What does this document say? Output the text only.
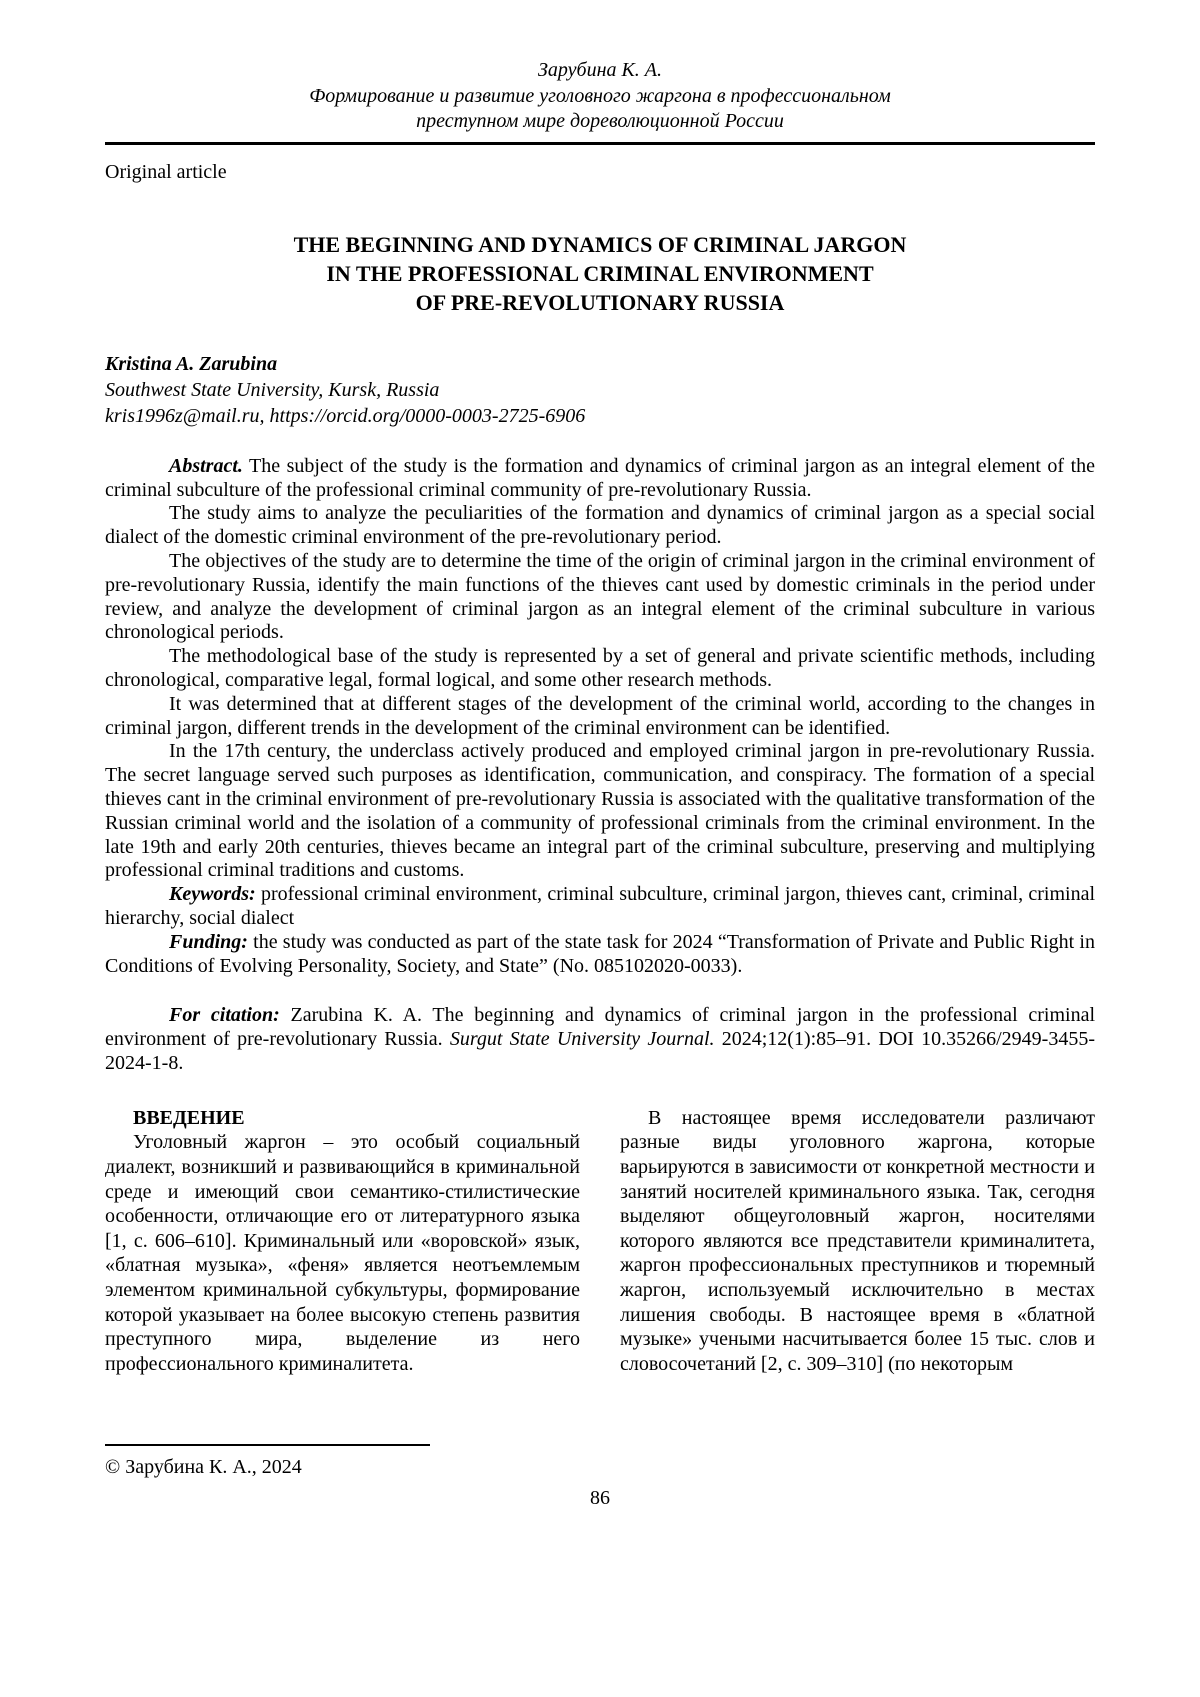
Зарубина К. А.
Формирование и развитие уголовного жаргона в профессиональном
преступном мире дореволюционной России
Original article
THE BEGINNING AND DYNAMICS OF CRIMINAL JARGON
IN THE PROFESSIONAL CRIMINAL ENVIRONMENT
OF PRE-REVOLUTIONARY RUSSIA
Kristina A. Zarubina
Southwest State University, Kursk, Russia
kris1996z@mail.ru, https://orcid.org/0000-0003-2725-6906

Abstract. The subject of the study is the formation and dynamics of criminal jargon as an integral element of the criminal subculture of the professional criminal community of pre-revolutionary Russia.

The study aims to analyze the peculiarities of the formation and dynamics of criminal jargon as a special social dialect of the domestic criminal environment of the pre-revolutionary period.

The objectives of the study are to determine the time of the origin of criminal jargon in the criminal environment of pre-revolutionary Russia, identify the main functions of the thieves cant used by domestic criminals in the period under review, and analyze the development of criminal jargon as an integral element of the criminal subculture in various chronological periods.

The methodological base of the study is represented by a set of general and private scientific methods, including chronological, comparative legal, formal logical, and some other research methods.

It was determined that at different stages of the development of the criminal world, according to the changes in criminal jargon, different trends in the development of the criminal environment can be identified.

In the 17th century, the underclass actively produced and employed criminal jargon in pre-revolutionary Russia. The secret language served such purposes as identification, communication, and conspiracy. The formation of a special thieves cant in the criminal environment of pre-revolutionary Russia is associated with the qualitative transformation of the Russian criminal world and the isolation of a community of professional criminals from the criminal environment. In the late 19th and early 20th centuries, thieves became an integral part of the criminal subculture, preserving and multiplying professional criminal traditions and customs.

Keywords: professional criminal environment, criminal subculture, criminal jargon, thieves cant, criminal, criminal hierarchy, social dialect

Funding: the study was conducted as part of the state task for 2024 “Transformation of Private and Public Right in Conditions of Evolving Personality, Society, and State” (No. 085102020-0033).

For citation: Zarubina K. A. The beginning and dynamics of criminal jargon in the professional criminal environment of pre-revolutionary Russia. Surgut State University Journal. 2024;12(1):85–91. DOI 10.35266/2949-3455-2024-1-8.

ВВЕДЕНИЕ

Уголовный жаргон – это особый социальный диалект, возникший и развивающийся в криминальной среде и имеющий свои семантико-стилистические особенности, отличающие его от литературного языка [1, с. 606–610]. Криминальный или «воровской» язык, «блатная музыка», «феня» является неотъемлемым элементом криминальной субкультуры, формирование которой указывает на более высокую степень развития преступного мира, выделение из него профессионального криминалитета.

В настоящее время исследователи различают разные виды уголовного жаргона, которые варьируются в зависимости от конкретной местности и занятий носителей криминального языка. Так, сегодня выделяют общеуголовный жаргон, носителями которого являются все представители криминалитета, жаргон профессиональных преступников и тюремный жаргон, используемый исключительно в местах лишения свободы. В настоящее время в «блатной музыке» учеными насчитывается более 15 тыс. слов и словосочетаний [2, с. 309–310] (по некоторым

© Зарубина К. А., 2024
86
